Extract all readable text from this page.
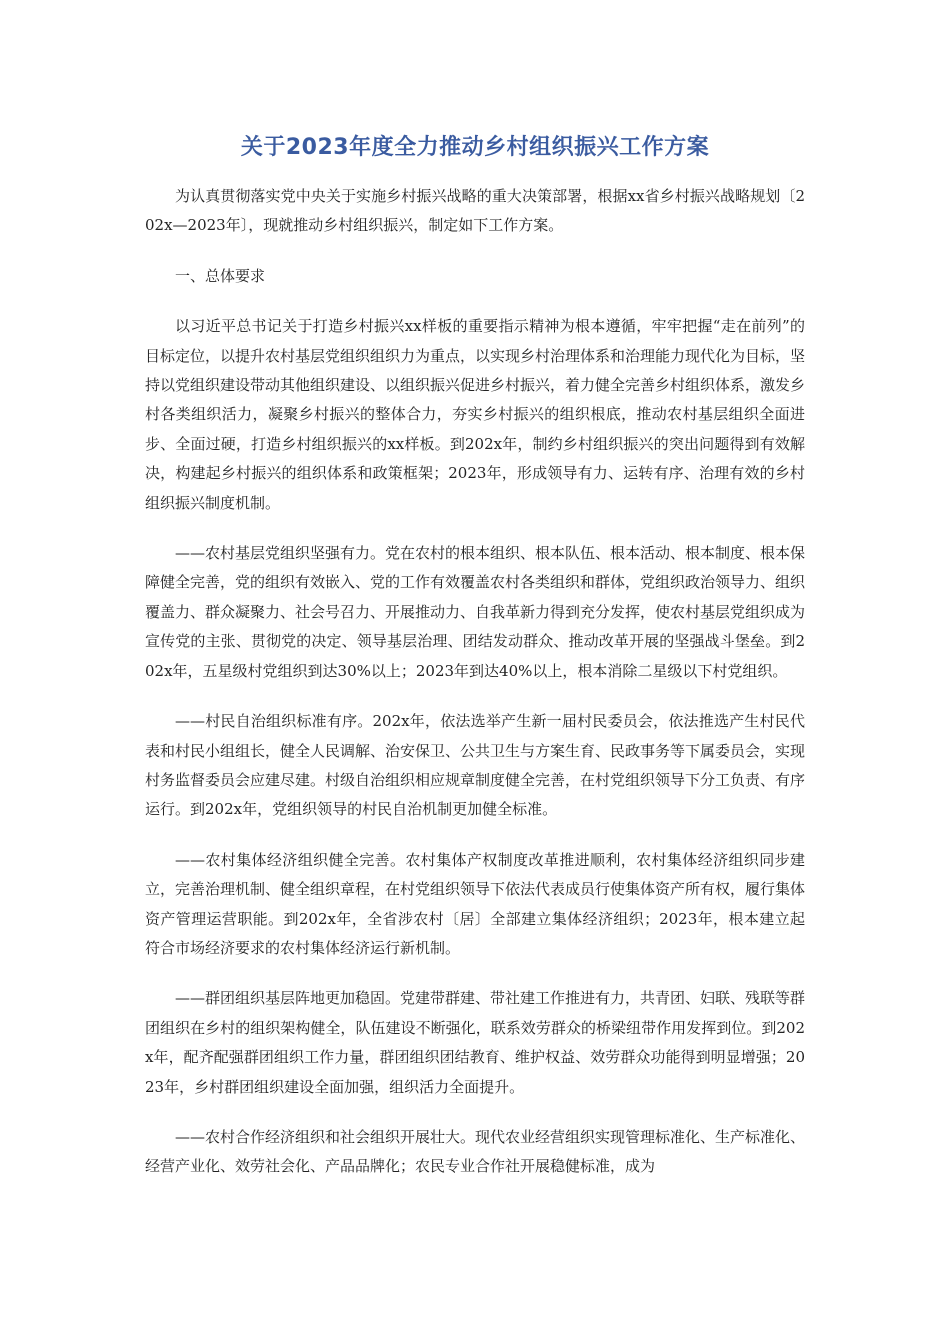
关于2023年度全力推动乡村组织振兴工作方案

为认真贯彻落实党中央关于实施乡村振兴战略的重大决策部署，根据xx省乡村振兴战略规划〔202x—2023年〕，现就推动乡村组织振兴，制定如下工作方案。

一、总体要求

以习近平总书记关于打造乡村振兴xx样板的重要指示精神为根本遵循，牢牢把握“走在前列”的目标定位，以提升农村基层党组织组织力为重点，以实现乡村治理体系和治理能力现代化为目标，坚持以党组织建设带动其他组织建设、以组织振兴促进乡村振兴，着力健全完善乡村组织体系，激发乡村各类组织活力，凝聚乡村振兴的整体合力，夯实乡村振兴的组织根底，推动农村基层组织全面进步、全面过硬，打造乡村组织振兴的xx样板。到202x年，制约乡村组织振兴的突出问题得到有效解决，构建起乡村振兴的组织体系和政策框架；2023年，形成领导有力、运转有序、治理有效的乡村组织振兴制度机制。

——农村基层党组织坚强有力。党在农村的根本组织、根本队伍、根本活动、根本制度、根本保障健全完善，党的组织有效嵌入、党的工作有效覆盖农村各类组织和群体，党组织政治领导力、组织覆盖力、群众凝聚力、社会号召力、开展推动力、自我革新力得到充分发挥，使农村基层党组织成为宣传党的主张、贯彻党的决定、领导基层治理、团结发动群众、推动改革开展的坚强战斗堡垒。到202x年，五星级村党组织到达30%以上；2023年到达40%以上，根本消除二星级以下村党组织。

——村民自治组织标准有序。202x年，依法选举产生新一届村民委员会，依法推选产生村民代表和村民小组组长，健全人民调解、治安保卫、公共卫生与方案生育、民政事务等下属委员会，实现村务监督委员会应建尽建。村级自治组织相应规章制度健全完善，在村党组织领导下分工负责、有序运行。到202x年，党组织领导的村民自治机制更加健全标准。

——农村集体经济组织健全完善。农村集体产权制度改革推进顺利，农村集体经济组织同步建立，完善治理机制、健全组织章程，在村党组织领导下依法代表成员行使集体资产所有权，履行集体资产管理运营职能。到202x年，全省涉农村〔居〕全部建立集体经济组织；2023年，根本建立起符合市场经济要求的农村集体经济运行新机制。

——群团组织基层阵地更加稳固。党建带群建、带社建工作推进有力，共青团、妇联、残联等群团组织在乡村的组织架构健全，队伍建设不断强化，联系效劳群众的桥梁纽带作用发挥到位。到202x年，配齐配强群团组织工作力量，群团组织团结教育、维护权益、效劳群众功能得到明显增强；2023年，乡村群团组织建设全面加强，组织活力全面提升。

——农村合作经济组织和社会组织开展壮大。现代农业经营组织实现管理标准化、生产标准化、经营产业化、效劳社会化、产品品牌化；农民专业合作社开展稳健标准，成为
